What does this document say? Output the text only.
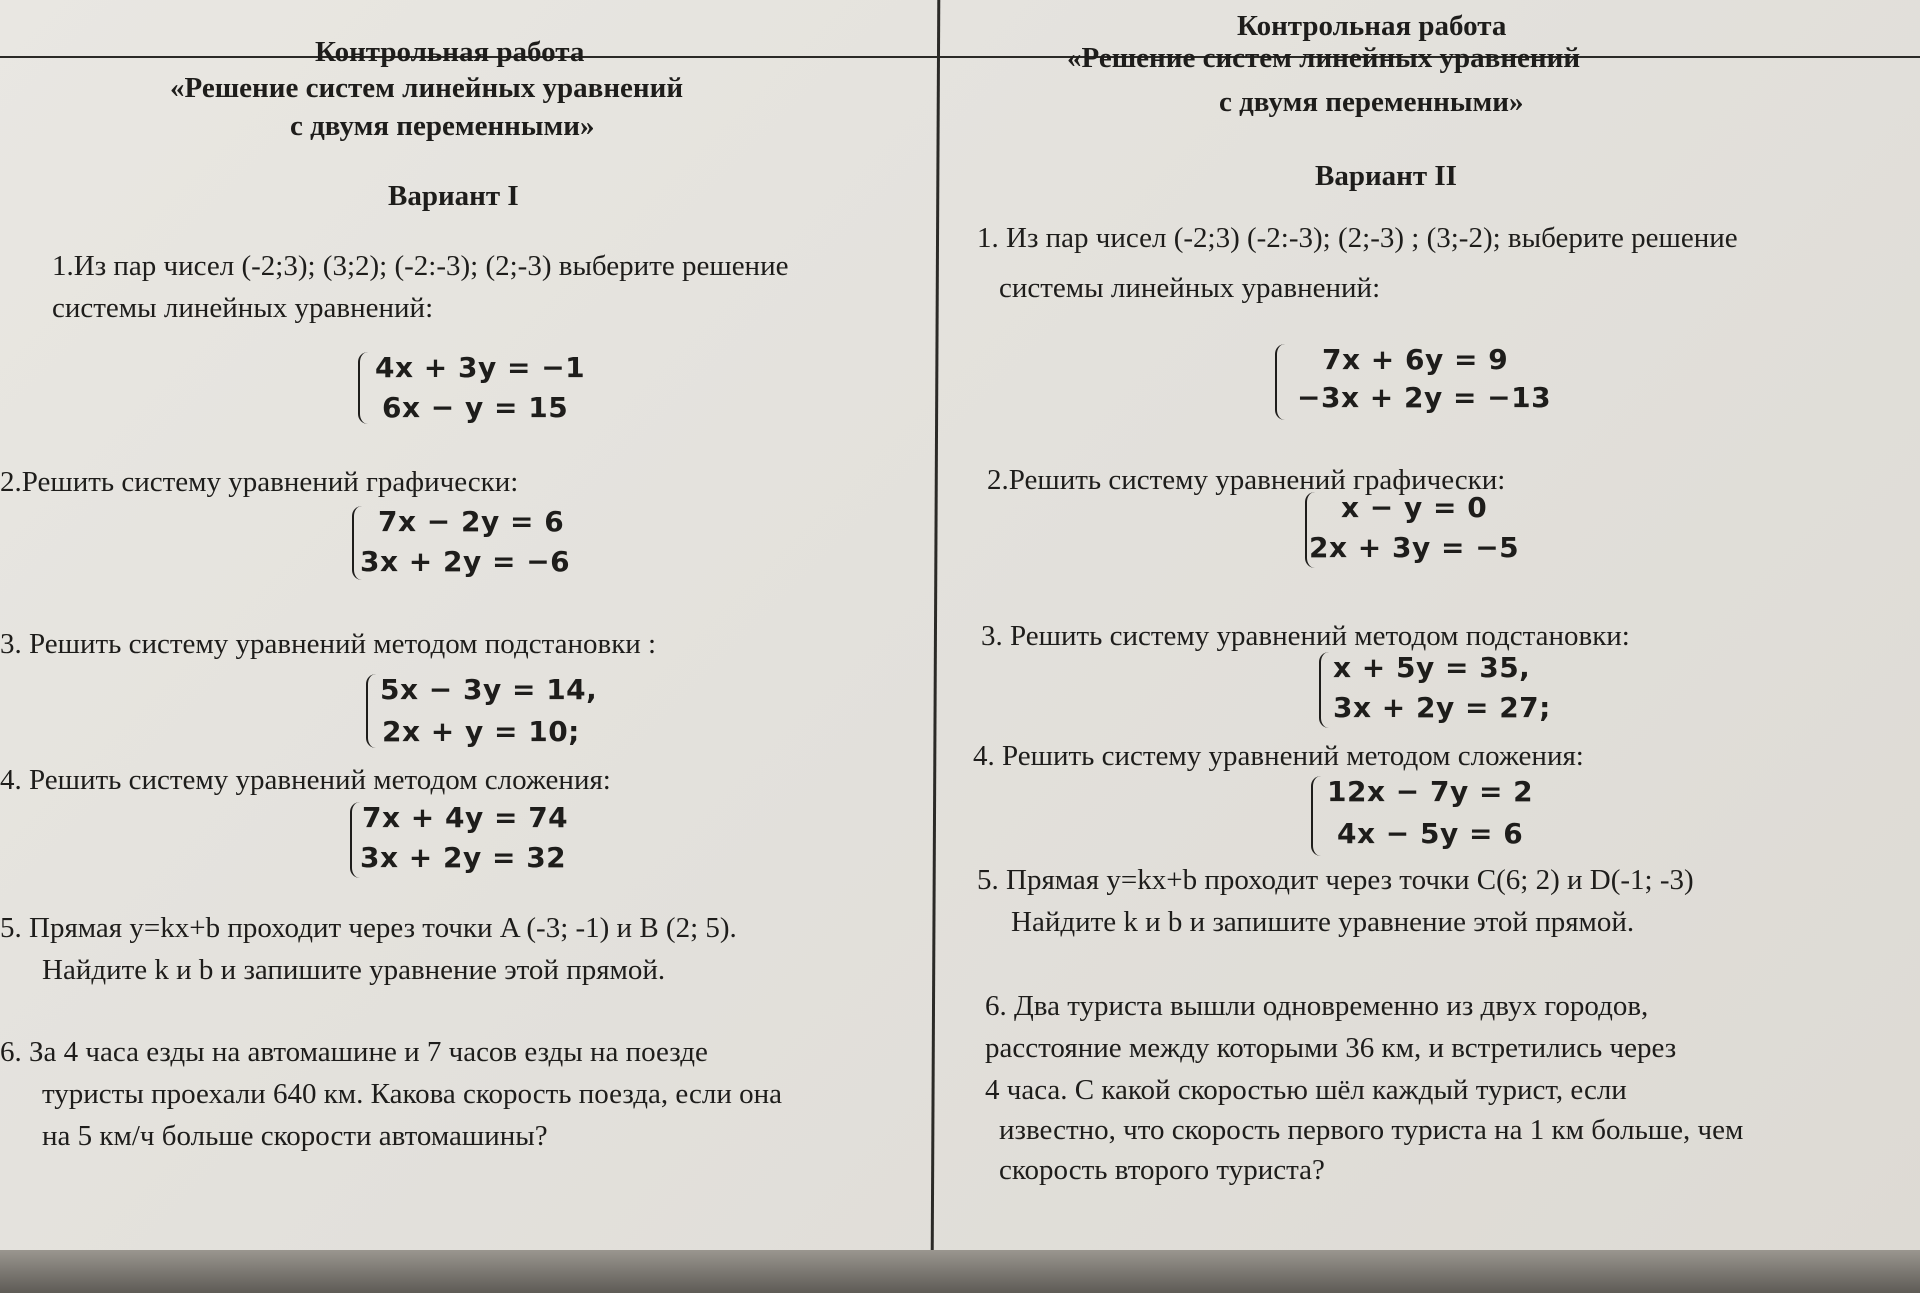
Контрольная работа
«Решение систем линейных уравнений
с двумя переменными»
Вариант I
1.Из пар чисел (-2;3); (3;2); (-2:-3); (2;-3) выберите решение
системы линейных уравнений:
4x + 3y = −1
6x − y = 15
2.Решить систему уравнений графически:
7x − 2y = 6
3x + 2y = −6
3. Решить систему уравнений методом подстановки :
5x − 3y = 14,
2x + y = 10;
4. Решить систему уравнений методом сложения:
7x + 4y = 74
3x + 2y = 32
5. Прямая y=kx+b проходит через точки A (-3; -1) и B (2; 5).
Найдите k и b и запишите уравнение этой прямой.
6. За 4 часа езды на автомашине и 7 часов езды на поезде
туристы проехали 640 км. Какова скорость поезда, если она
на 5 км/ч больше скорости автомашины?
Контрольная работа
«Решение систем линейных уравнений
с двумя переменными»
Вариант II
1. Из пар чисел (-2;3) (-2:-3); (2;-3) ; (3;-2); выберите решение
системы линейных уравнений:
7x + 6y = 9
−3x + 2y = −13
2.Решить систему уравнений графически:
x − y = 0
2x + 3y = −5
3. Решить систему уравнений методом подстановки:
x + 5y = 35,
3x + 2y = 27;
4. Решить систему уравнений методом сложения:
12x − 7y = 2
4x − 5y = 6
5. Прямая y=kx+b проходит через точки C(6; 2) и D(-1; -3)
Найдите k и b и запишите уравнение этой прямой.
6. Два туриста вышли одновременно из двух городов,
расстояние между которыми 36 км, и встретились через
4 часа. С какой скоростью шёл каждый турист, если
известно, что скорость первого туриста на 1 км больше, чем
скорость второго туриста?
